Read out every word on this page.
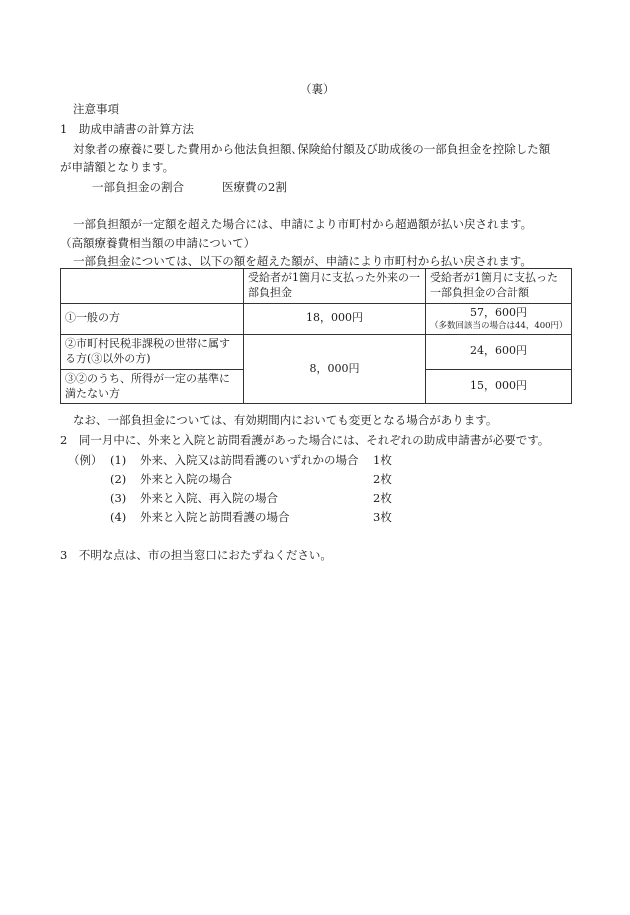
（裏）
注意事項
1　助成申請書の計算方法
対象者の療養に要した費用から他法負担額､保険給付額及び助成後の一部負担金を控除した額
が申請額となります。
一部負担金の割合	医療費の2割
一部負担額が一定額を超えた場合には、申請により市町村から超過額が払い戻されます。
（高額療養費相当額の申請について）
一部負担金については、以下の額を超えた額が、申請により市町村から払い戻されます。
	受給者が1箇月に支払った外来の一部負担金	受給者が1箇月に支払った一部負担金の合計額
①一般の方	18，000円	57，600円
（多数回該当の場合は44，400円）

②市町村民税非課税の世帯に属する方(③以外の方)	8，000円	24，600円
③②のうち、所得が一定の基準に満たない方		15，000円
なお、一部負担金については、有効期間内においても変更となる場合があります。
2　同一月中に、外来と入院と訪問看護があった場合には、それぞれの助成申請書が必要です。
（例） (1) 外来、入院又は訪問看護のいずれかの場合 1枚
(2) 外来と入院の場合	2枚
(3) 外来と入院、再入院の場合	2枚
(4) 外来と入院と訪問看護の場合	3枚
3　不明な点は、市の担当窓口におたずねください。
